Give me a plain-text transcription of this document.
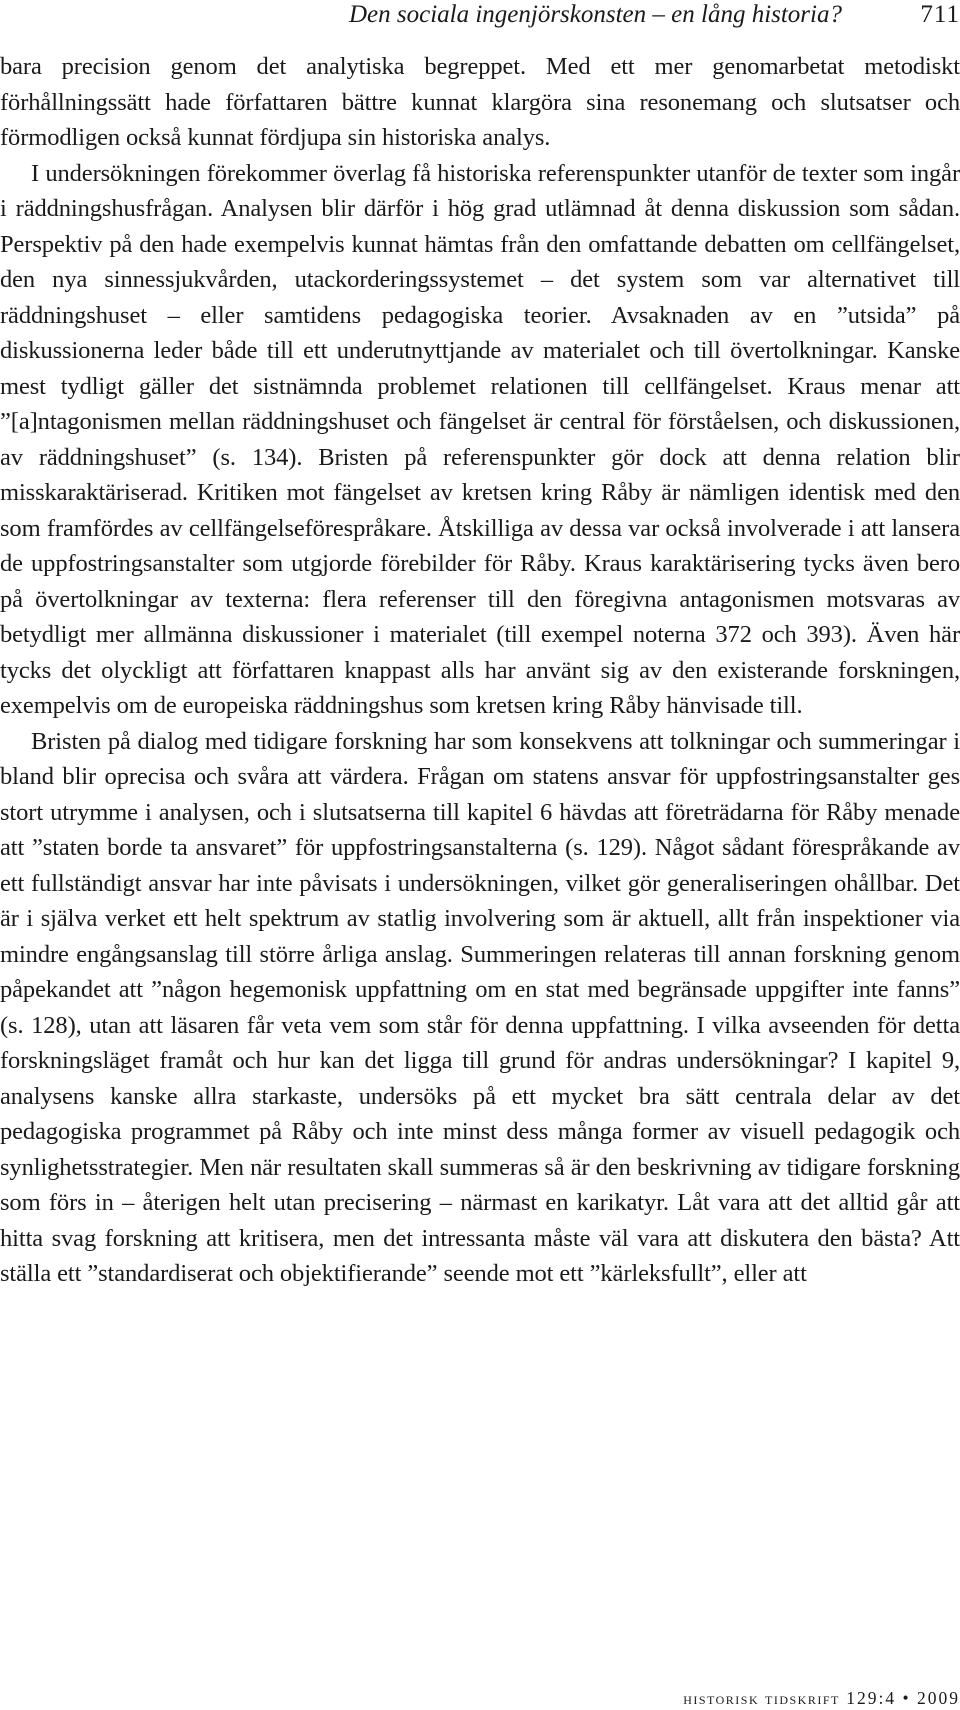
Den sociala ingenjörskonsten – en lång historia?	711

bara precision genom det analytiska begreppet. Med ett mer genomarbetat metodiskt förhållningssätt hade författaren bättre kunnat klargöra sina resonemang och slutsatser och förmodligen också kunnat fördjupa sin historiska analys.

I undersökningen förekommer överlag få historiska referenspunkter utanför de texter som ingår i räddningshusfrågan. Analysen blir därför i hög grad utlämnad åt denna diskussion som sådan. Perspektiv på den hade exempelvis kunnat hämtas från den omfattande debatten om cellfängelset, den nya sinnessjukvården, utackorderingssystemet – det system som var alternativet till räddningshuset – eller samtidens pedagogiska teorier. Avsaknaden av en ”utsida” på diskussionerna leder både till ett underutnyttjande av materialet och till övertolkningar. Kanske mest tydligt gäller det sistnämnda problemet relationen till cellfängelset. Kraus menar att ”[a]ntagonismen mellan räddningshuset och fängelset är central för förståelsen, och diskussionen, av räddningshuset” (s. 134). Bristen på referenspunkter gör dock att denna relation blir misskaraktäriserad. Kritiken mot fängelset av kretsen kring Råby är nämligen identisk med den som framfördes av cellfängelseförespråkare. Åtskilliga av dessa var också involverade i att lansera de uppfostringsanstalter som utgjorde förebilder för Råby. Kraus karaktärisering tycks även bero på övertolkningar av texterna: flera referenser till den föregivna antagonismen motsvaras av betydligt mer allmänna diskussioner i materialet (till exempel noterna 372 och 393). Även här tycks det olyckligt att författaren knappast alls har använt sig av den existerande forskningen, exempelvis om de europeiska räddningshus som kretsen kring Råby hänvisade till.

Bristen på dialog med tidigare forskning har som konsekvens att tolkningar och summeringar i bland blir oprecisa och svåra att värdera. Frågan om statens ansvar för uppfostringsanstalter ges stort utrymme i analysen, och i slutsatserna till kapitel 6 hävdas att företrädarna för Råby menade att ”staten borde ta ansvaret” för uppfostringsanstalterna (s. 129). Något sådant förespråkande av ett fullständigt ansvar har inte påvisats i undersökningen, vilket gör generaliseringen ohållbar. Det är i själva verket ett helt spektrum av statlig involvering som är aktuell, allt från inspektioner via mindre engångsanslag till större årliga anslag. Summeringen relateras till annan forskning genom påpekandet att ”någon hegemonisk uppfattning om en stat med begränsade uppgifter inte fanns” (s. 128), utan att läsaren får veta vem som står för denna uppfattning. I vilka avseenden för detta forskningsläget framåt och hur kan det ligga till grund för andras undersökningar? I kapitel 9, analysens kanske allra starkaste, undersöks på ett mycket bra sätt centrala delar av det pedagogiska programmet på Råby och inte minst dess många former av visuell pedagogik och synlighetsstrategier. Men när resultaten skall summeras så är den beskrivning av tidigare forskning som förs in – återigen helt utan precisering – närmast en karikatyr. Låt vara att det alltid går att hitta svag forskning att kritisera, men det intressanta måste väl vara att diskutera den bästa? Att ställa ett ”standardiserat och objektifierande” seende mot ett ”kärleksfullt”, eller att

historisk tidskrift 129:4 • 2009
